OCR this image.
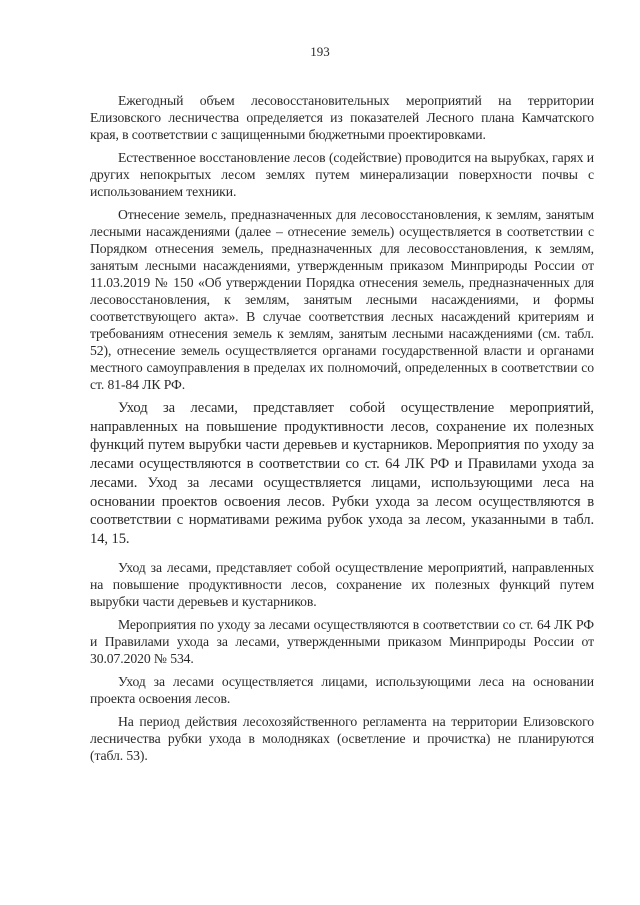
193

Ежегодный объем лесовосстановительных мероприятий на территории Елизовского лесничества определяется из показателей Лесного плана Камчатского края, в соответствии с защищенными бюджетными проектировками.

Естественное восстановление лесов (содействие) проводится на вырубках, гарях и других непокрытых лесом землях путем минерализации поверхности почвы с использованием техники.

Отнесение земель, предназначенных для лесовосстановления, к землям, занятым лесными насаждениями (далее – отнесение земель) осуществляется в соответствии с Порядком отнесения земель, предназначенных для лесовосстановления, к землям, занятым лесными насаждениями, утвержденным приказом Минприроды России от 11.03.2019 № 150 «Об утверждении Порядка отнесения земель, предназначенных для лесовосстановления, к землям, занятым лесными насаждениями, и формы соответствующего акта». В случае соответствия лесных насаждений критериям и требованиям отнесения земель к землям, занятым лесными насаждениями (см. табл. 52), отнесение земель осуществляется органами государственной власти и органами местного самоуправления в пределах их полномочий, определенных в соответствии со ст. 81-84 ЛК РФ.

Уход за лесами, представляет собой осуществление мероприятий, направленных на повышение продуктивности лесов, сохранение их полезных функций путем вырубки части деревьев и кустарников. Мероприятия по уходу за лесами осуществляются в соответствии со ст. 64 ЛК РФ и Правилами ухода за лесами. Уход за лесами осуществляется лицами, использующими леса на основании проектов освоения лесов. Рубки ухода за лесом осуществляются в соответствии с нормативами режима рубок ухода за лесом, указанными в табл. 14, 15.

Уход за лесами, представляет собой осуществление мероприятий, направленных на повышение продуктивности лесов, сохранение их полезных функций путем вырубки части деревьев и кустарников.

Мероприятия по уходу за лесами осуществляются в соответствии со ст. 64 ЛК РФ и Правилами ухода за лесами, утвержденными приказом Минприроды России от 30.07.2020 № 534.

Уход за лесами осуществляется лицами, использующими леса на основании проекта освоения лесов.

На период действия лесохозяйственного регламента на территории Елизовского лесничества рубки ухода в молодняках (осветление и прочистка) не планируются (табл. 53).
